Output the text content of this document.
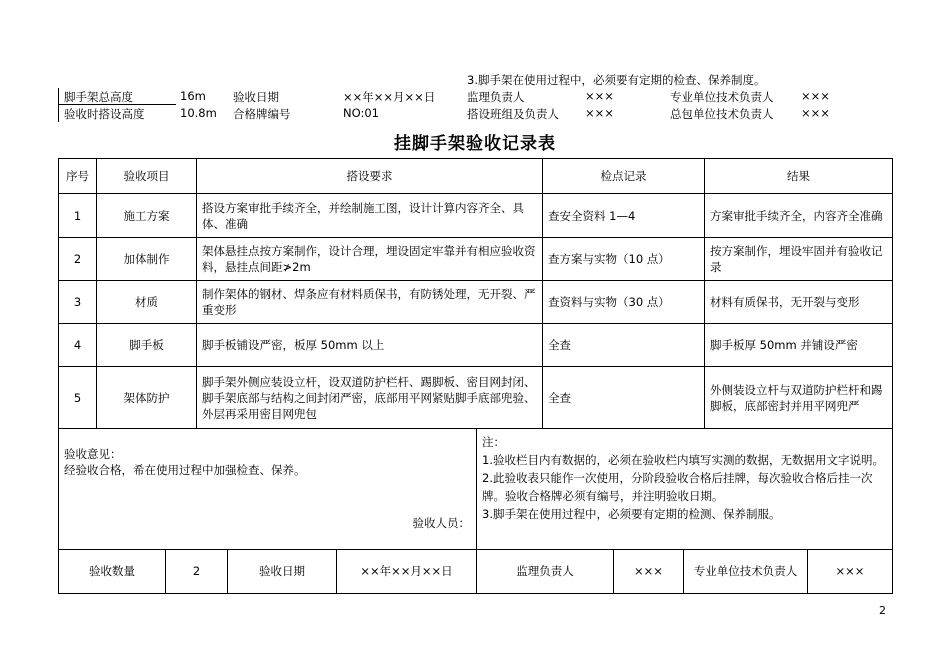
3.脚手架在使用过程中，必须要有定期的检查、保养制度。
脚手架总高度	16m 验收日期	××年××月××日	监理负责人	×××	专业单位技术负责人 ×××
验收时搭设高度	10.8m 合格牌编号	NO:01	搭设班组及负责人 ×××	总包单位技术负责人 ×××
挂脚手架验收记录表
序号	验收项目	搭设要求	检点记录	结果
1	施工方案	搭设方案审批手续齐全，并绘制施工图，设计计算内容齐全、具体、准确	查安全资料 1—4	方案审批手续齐全，内容齐全准确
2	加体制作	架体悬挂点按方案制作，设计合理，埋设固定牢靠并有相应验收资料，悬挂点间距≯2m	查方案与实物（10 点）	按方案制作，埋设牢固并有验收记录
3	材质	制作架体的钢材、焊条应有材料质保书，有防锈处理，无开裂、严重变形	查资料与实物（30 点）	材料有质保书，无开裂与变形
4	脚手板	脚手板铺设严密，板厚 50mm 以上	全查	脚手板厚 50mm 并铺设严密
5	架体防护	脚手架外侧应装设立杆，设双道防护栏杆、踢脚板、密目网封闭、脚手架底部与结构之间封闭严密，底部用平网紧贴脚手底部兜验、外层再采用密目网兜包	全查	外侧装设立杆与双道防护栏杆和踢脚板，底部密封并用平网兜严
验收意见：
经验收合格，希在使用过程中加强检查、保养。
验收人员：

注：
1.验收栏目内有数据的，必须在验收栏内填写实测的数据，无数据用文字说明。
2.此验收表只能作一次使用，分阶段验收合格后挂牌，每次验收合格后挂一次牌。验收合格牌必须有编号，并注明验收日期。
3.脚手架在使用过程中，必须要有定期的检测、保养制服。
验收数量	2	验收日期	××年××月××日	监理负责人	×××	专业单位技术负责人	×××
2
